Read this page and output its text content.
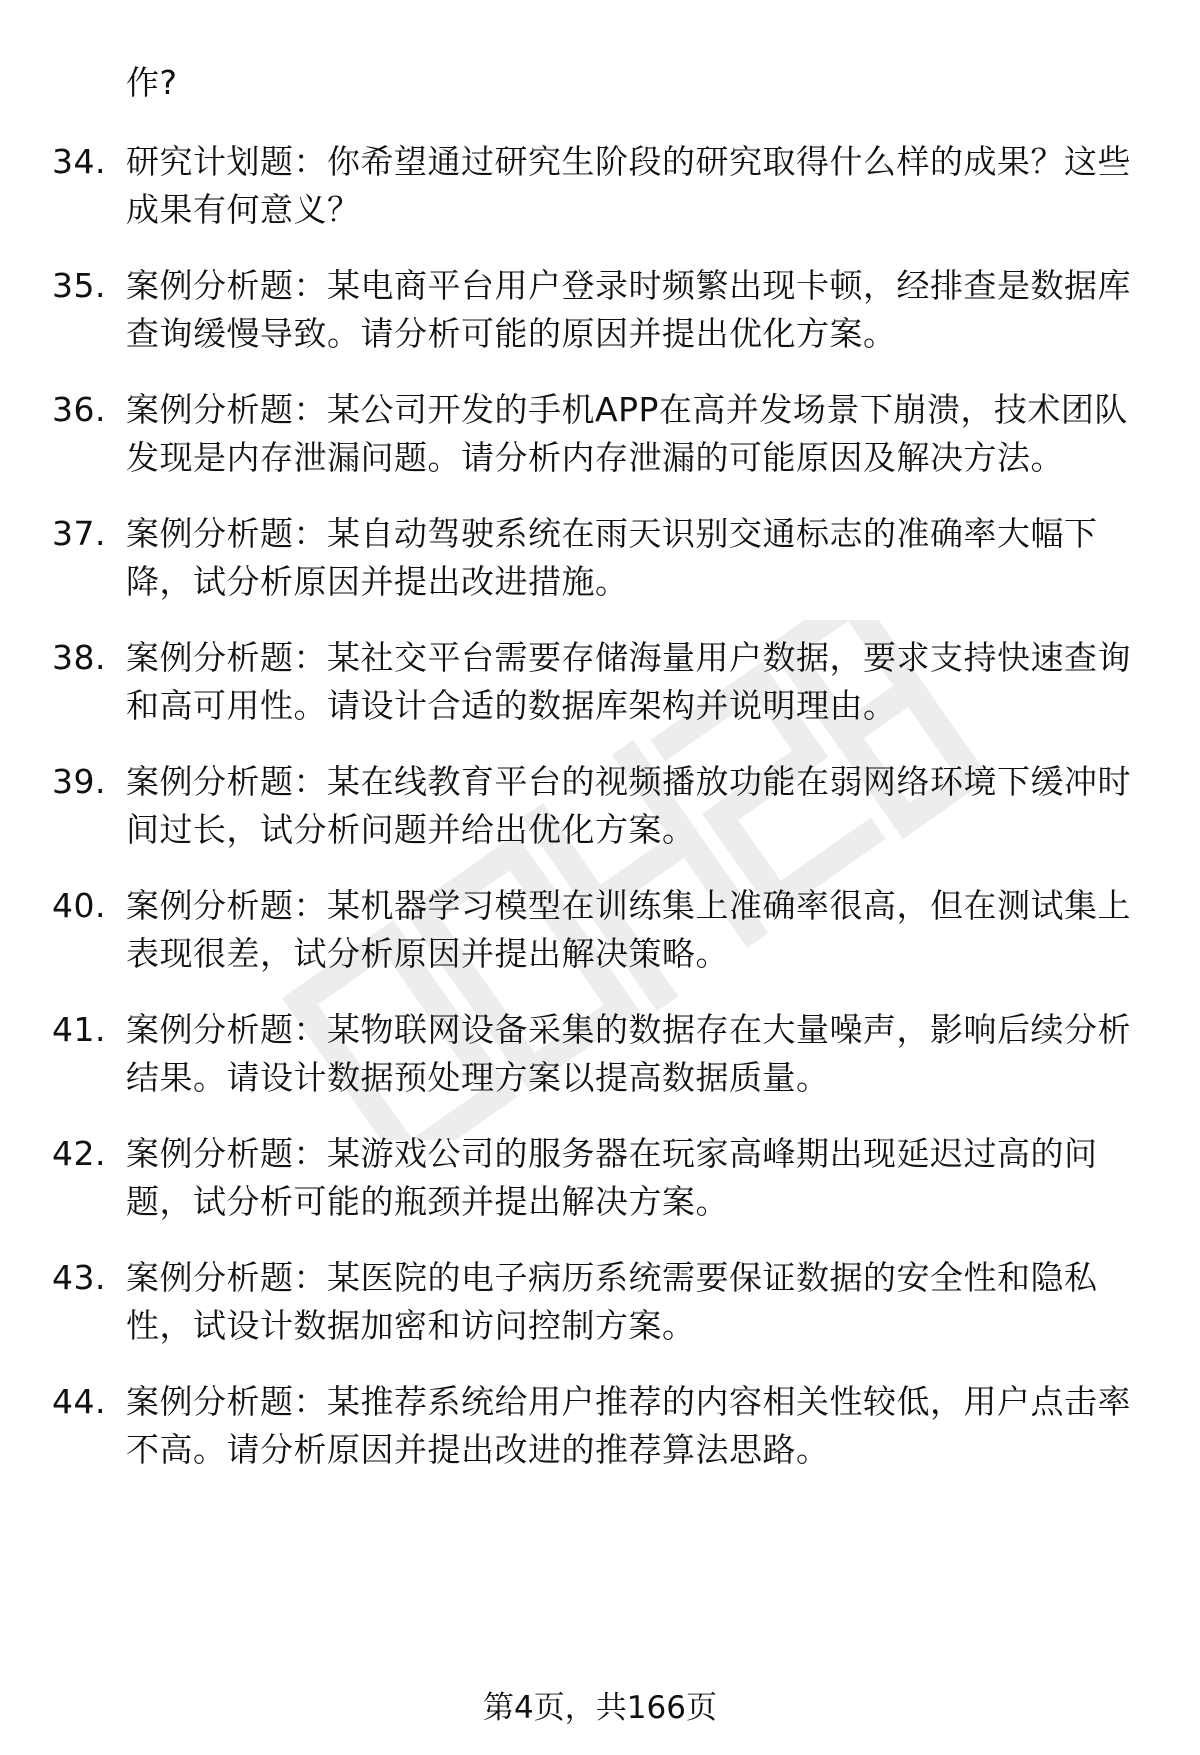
作?
34. 研究计划题：你希望通过研究生阶段的研究取得什么样的成果？这些成果有何意义？
35. 案例分析题：某电商平台用户登录时频繁出现卡顿，经排查是数据库查询缓慢导致。请分析可能的原因并提出优化方案。
36. 案例分析题：某公司开发的手机APP在高并发场景下崩溃，技术团队发现是内存泄漏问题。请分析内存泄漏的可能原因及解决方法。
37. 案例分析题：某自动驾驶系统在雨天识别交通标志的准确率大幅下降，试分析原因并提出改进措施。
38. 案例分析题：某社交平台需要存储海量用户数据，要求支持快速查询和高可用性。请设计合适的数据库架构并说明理由。
39. 案例分析题：某在线教育平台的视频播放功能在弱网络环境下缓冲时间过长，试分析问题并给出优化方案。
40. 案例分析题：某机器学习模型在训练集上准确率很高，但在测试集上表现很差，试分析原因并提出解决策略。
41. 案例分析题：某物联网设备采集的数据存在大量噪声，影响后续分析结果。请设计数据预处理方案以提高数据质量。
42. 案例分析题：某游戏公司的服务器在玩家高峰期出现延迟过高的问题，试分析可能的瓶颈并提出解决方案。
43. 案例分析题：某医院的电子病历系统需要保证数据的安全性和隐私性，试设计数据加密和访问控制方案。
44. 案例分析题：某推荐系统给用户推荐的内容相关性较低，用户点击率不高。请分析原因并提出改进的推荐算法思路。
第4页，共166页
